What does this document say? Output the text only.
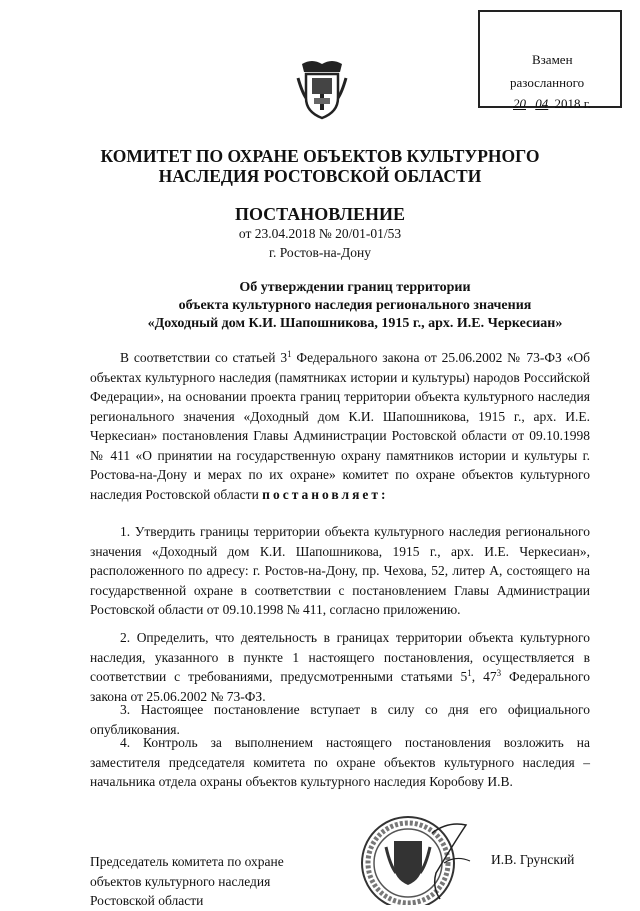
Взамен
разосланного
20 04 2018 г.
КОМИТЕТ ПО ОХРАНЕ ОБЪЕКТОВ КУЛЬТУРНОГО
НАСЛЕДИЯ РОСТОВСКОЙ ОБЛАСТИ
ПОСТАНОВЛЕНИЕ
от 23.04.2018 № 20/01-01/53
г. Ростов-на-Дону
Об утверждении границ территории
объекта культурного наследия регионального значения
«Доходный дом К.И. Шапошникова, 1915 г., арх. И.Е. Черкесиан»

В соответствии со статьей $3^1$ Федерального закона от 25.06.2002 № 73-ФЗ «Об объектах культурного наследия (памятниках истории и культуры) народов Российской Федерации», на основании проекта границ территории объекта культурного наследия регионального значения «Доходный дом К.И. Шапошникова, 1915 г., арх. И.Е. Черкесиан» постановления Главы Администрации Ростовской области от 09.10.1998 № 411 «О принятии на государственную охрану памятников истории и культуры г. Ростова-на-Дону и мерах по их охране» комитет по охране объектов культурного наследия Ростовской области постановляет:

1. Утвердить границы территории объекта культурного наследия регионального значения «Доходный дом К.И. Шапошникова, 1915 г., арх. И.Е. Черкесиан», расположенного по адресу: г. Ростов-на-Дону, пр. Чехова, 52, литер А, состоящего на государственной охране в соответствии с постановлением Главы Администрации Ростовской области от 09.10.1998 № 411, согласно приложению.

2. Определить, что деятельность в границах территории объекта культурного наследия, указанного в пункте 1 настоящего постановления, осуществляется в соответствии с требованиями, предусмотренными статьями $5^1$, $47^3$ Федерального закона от 25.06.2002 № 73-ФЗ.

3. Настоящее постановление вступает в силу со дня его официального опубликования.

4. Контроль за выполнением настоящего постановления возложить на заместителя председателя комитета по охране объектов культурного наследия – начальника отдела охраны объектов культурного наследия Коробову И.В.

Председатель комитета по охране
объектов культурного наследия
Ростовской области
И.В. Грунский
